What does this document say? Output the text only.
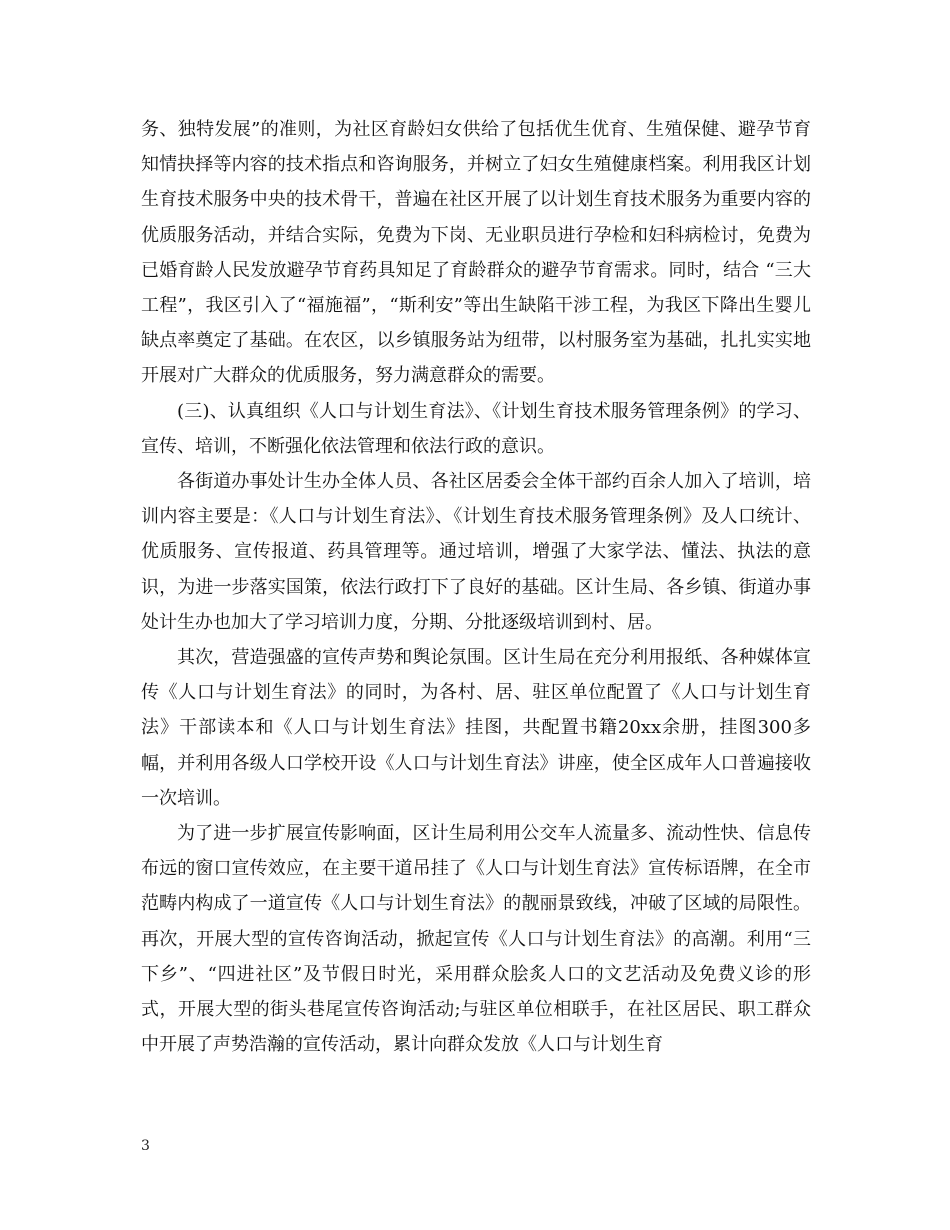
务、独特发展”的准则，为社区育龄妇女供给了包括优生优育、生殖保健、避孕节育知情抉择等内容的技术指点和咨询服务，并树立了妇女生殖健康档案。利用我区计划生育技术服务中央的技术骨干，普遍在社区开展了以计划生育技术服务为重要内容的优质服务活动，并结合实际，免费为下岗、无业职员进行孕检和妇科病检讨，免费为已婚育龄人民发放避孕节育药具知足了育龄群众的避孕节育需求。同时，结合 “三大工程”，我区引入了“福施福”，“斯利安”等出生缺陷干涉工程，为我区下降出生婴儿缺点率奠定了基础。在农区，以乡镇服务站为纽带，以村服务室为基础，扎扎实实地开展对广大群众的优质服务，努力满意群众的需要。

(三)、认真组织《人口与计划生育法》、《计划生育技术服务管理条例》的学习、宣传、培训，不断强化依法管理和依法行政的意识。

各街道办事处计生办全体人员、各社区居委会全体干部约百余人加入了培训，培训内容主要是：《人口与计划生育法》、《计划生育技术服务管理条例》及人口统计、优质服务、宣传报道、药具管理等。通过培训，增强了大家学法、懂法、执法的意识，为进一步落实国策，依法行政打下了良好的基础。区计生局、各乡镇、街道办事处计生办也加大了学习培训力度，分期、分批逐级培训到村、居。

其次，营造强盛的宣传声势和舆论氛围。区计生局在充分利用报纸、各种媒体宣传《人口与计划生育法》的同时，为各村、居、驻区单位配置了《人口与计划生育法》干部读本和《人口与计划生育法》挂图，共配置书籍20xx余册，挂图300多幅，并利用各级人口学校开设《人口与计划生育法》讲座，使全区成年人口普遍接收一次培训。

为了进一步扩展宣传影响面，区计生局利用公交车人流量多、流动性快、信息传布远的窗口宣传效应，在主要干道吊挂了《人口与计划生育法》宣传标语牌，在全市范畴内构成了一道宣传《人口与计划生育法》的靓丽景致线，冲破了区域的局限性。再次，开展大型的宣传咨询活动，掀起宣传《人口与计划生育法》的高潮。利用“三下乡”、“四进社区”及节假日时光，采用群众脍炙人口的文艺活动及免费义诊的形式，开展大型的街头巷尾宣传咨询活动;与驻区单位相联手，在社区居民、职工群众中开展了声势浩瀚的宣传活动，累计向群众发放《人口与计划生育

3
